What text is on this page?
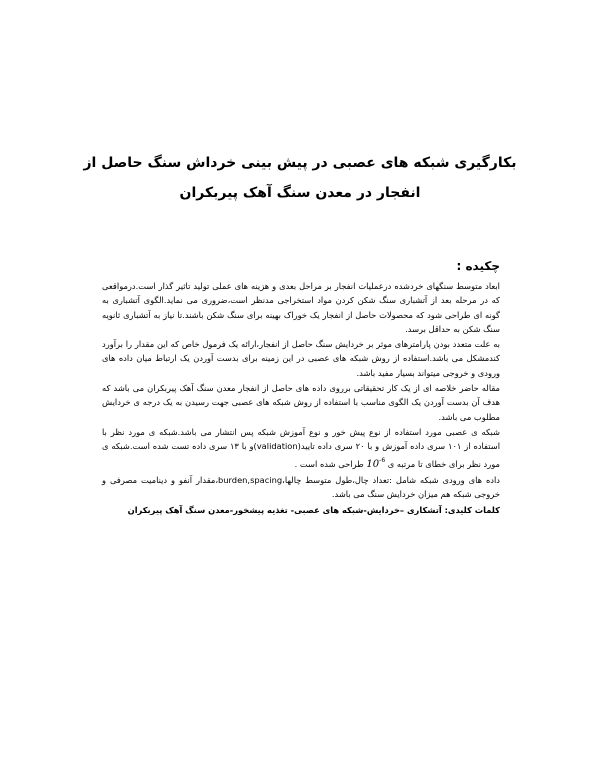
بکارگیری شبکه های عصبی در پیش بینی خرداش سنگ حاصل از
انفجار در معدن سنگ آهک پیربکران
چکیده :

ابعاد متوسط سنگهای خردشده درعملیات انفجار بر مراحل بعدی و هزینه های عملی تولید تاثیر گذار است.درمواقعی که در مرحله بعد از آتشباری سنگ شکن کردن مواد استخراجی مدنظر است،ضروری می نماید.الگوی آتشباری به گونه ای طراحی شود که محصولات حاصل از انفجار یک خوراک بهینه برای سنگ شکن باشند.تا نیاز به آتشباری ثانویه سنگ شکن به حداقل برسد.

به علت متعدد بودن پارامترهای موثر بر خردایش سنگ حاصل از انفجار،ارائه یک فرمول خاص که این مقدار را برآورد کندمشکل می باشد.استفاده از روش شبکه های عصبی در این زمینه برای بدست آوردن یک ارتباط میان داده های ورودی و خروجی میتواند بسیار مفید باشد.

مقاله حاضر خلاصه ای از یک کار تحقیقاتی برروی داده های حاصل از انفجار معدن سنگ آهک پیربکران می باشد که هدف آن بدست آوردن یک الگوی مناسب با استفاده از روش شبکه های عصبی جهت رسیدن به یک درجه ی خردایش مطلوب می باشد.

شبکه ی عصبی مورد استفاده از نوع پیش خور و نوع آموزش شبکه پس انتشار می باشد.شبکه ی مورد نظر با استفاده از ۱۰۱ سری داده آموزش و با ۲۰ سری داده تایید(validation)و با ۱۳ سری داده تست شده است.شبکه ی مورد نظر برای خطای تا مرتبه ی $10^{-6}$ طراحی شده است .

داده های ورودی شبکه شامل :تعداد چال،طول متوسط چالها،burden,spacing،مقدار آنفو و دینامیت مصرفی و خروجی شبکه هم میزان خردایش سنگ می باشد.

کلمات کلیدی: آتشکاری –خردایش-شبکه های عصبی- تغذیه پیشخور-معدن سنگ آهک پیربکران
